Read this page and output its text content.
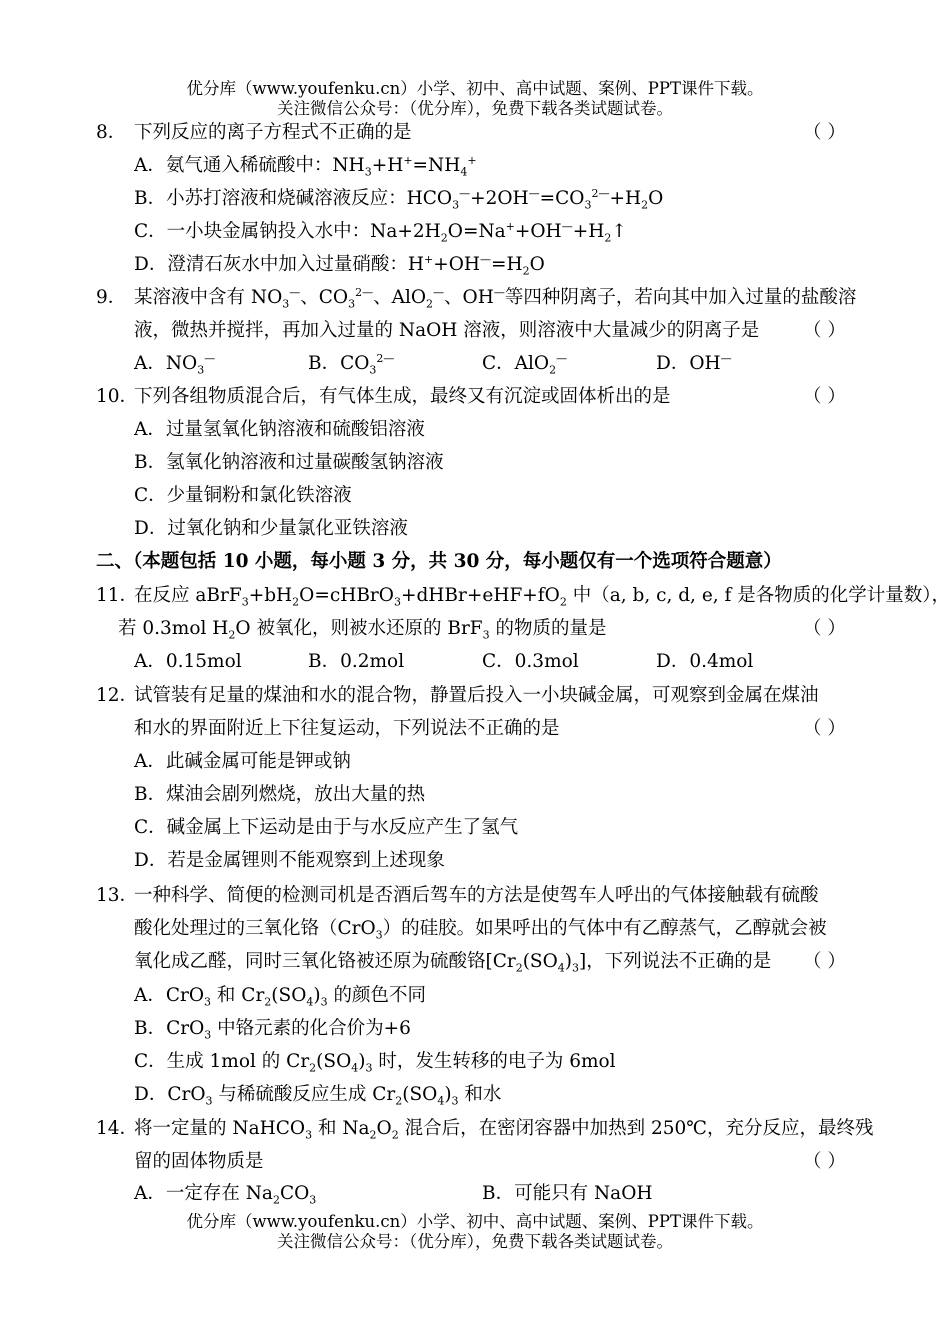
优分库（www.youfenku.cn）小学、初中、高中试题、案例、PPT课件下载。
关注微信公众号：（优分库），免费下载各类试题试卷。
8． 下列反应的离子方程式不正确的是	（ ）
A．氨气通入稀硫酸中：$NH_3+H^+=NH_4^+$
B．小苏打溶液和烧碱溶液反应：$HCO_3^—+2OH^—=CO_3^{2—}+H_2O$
C．一小块金属钠投入水中：$Na+2H_2O=Na^++OH^—+H_2↑$
D．澄清石灰水中加入过量硝酸：$H^++OH^—=H_2O$
9． 某溶液中含有 $NO_3^—$、$CO_3^{2—}$、AlO$_2$—、OH—等四种阴离子，若向其中加入过量的盐酸溶
液，微热并搅拌，再加入过量的 NaOH 溶液，则溶液中大量减少的阴离子是 （ ）
A．$NO_3^—$	B．$CO_3^{2—}$	C．AlO$_2$—	D．OH—
10．
下列各组物质混合后，有气体生成，最终又有沉淀或固体析出的是	（ ）
A．过量氢氧化钠溶液和硫酸铝溶液
B．氢氧化钠溶液和过量碳酸氢钠溶液
C．少量铜粉和氯化铁溶液
D．过氧化钠和少量氯化亚铁溶液
二、（本题包括 10 小题，每小题 3 分，共 30 分，每小题仅有一个选项符合题意）
11．
在反应 $aBrF_3+bH_2O=cHBrO_3+dHBr+eHF+fO_2$ 中（a, b, c, d, e, f 是各物质的化学计量数），
若 0.3mol $H_2O$ 被氧化，则被水还原的 BrF$_3$ 的物质的量是	（ ）
A．0.15mol	B．0.2mol	C．0.3mol	D．0.4mol
12．
试管装有足量的煤油和水的混合物，静置后投入一小块碱金属，可观察到金属在煤油
和水的界面附近上下往复运动，下列说法不正确的是	（ ）
A．此碱金属可能是钾或钠
B．煤油会剧列燃烧，放出大量的热
C．碱金属上下运动是由于与水反应产生了氢气
D．若是金属锂则不能观察到上述现象
13．
一种科学、简便的检测司机是否酒后驾车的方法是使驾车人呼出的气体接触载有硫酸
酸化处理过的三氧化铬（CrO$_3$）的硅胶。如果呼出的气体中有乙醇蒸气，乙醇就会被
氧化成乙醛，同时三氧化铬被还原为硫酸铬$[Cr_2(SO_4)_3]$，下列说法不正确的是 （ ）
A．CrO$_3$ 和 $Cr_2(SO_4)_3$ 的颜色不同
B．CrO$_3$ 中铬元素的化合价为+6
C．生成 1mol 的 $Cr_2(SO_4)_3$ 时，发生转移的电子为 6mol
D．CrO$_3$ 与稀硫酸反应生成 $Cr_2(SO_4)_3$ 和水
14．
将一定量的 NaHCO$_3$ 和 $Na_2O_2$ 混合后，在密闭容器中加热到 250℃，充分反应，最终残
留的固体物质是	（ ）
A．一定存在 $Na_2CO_3$	B．可能只有 NaOH
优分库（www.youfenku.cn）小学、初中、高中试题、案例、PPT课件下载。
关注微信公众号：（优分库），免费下载各类试题试卷。
